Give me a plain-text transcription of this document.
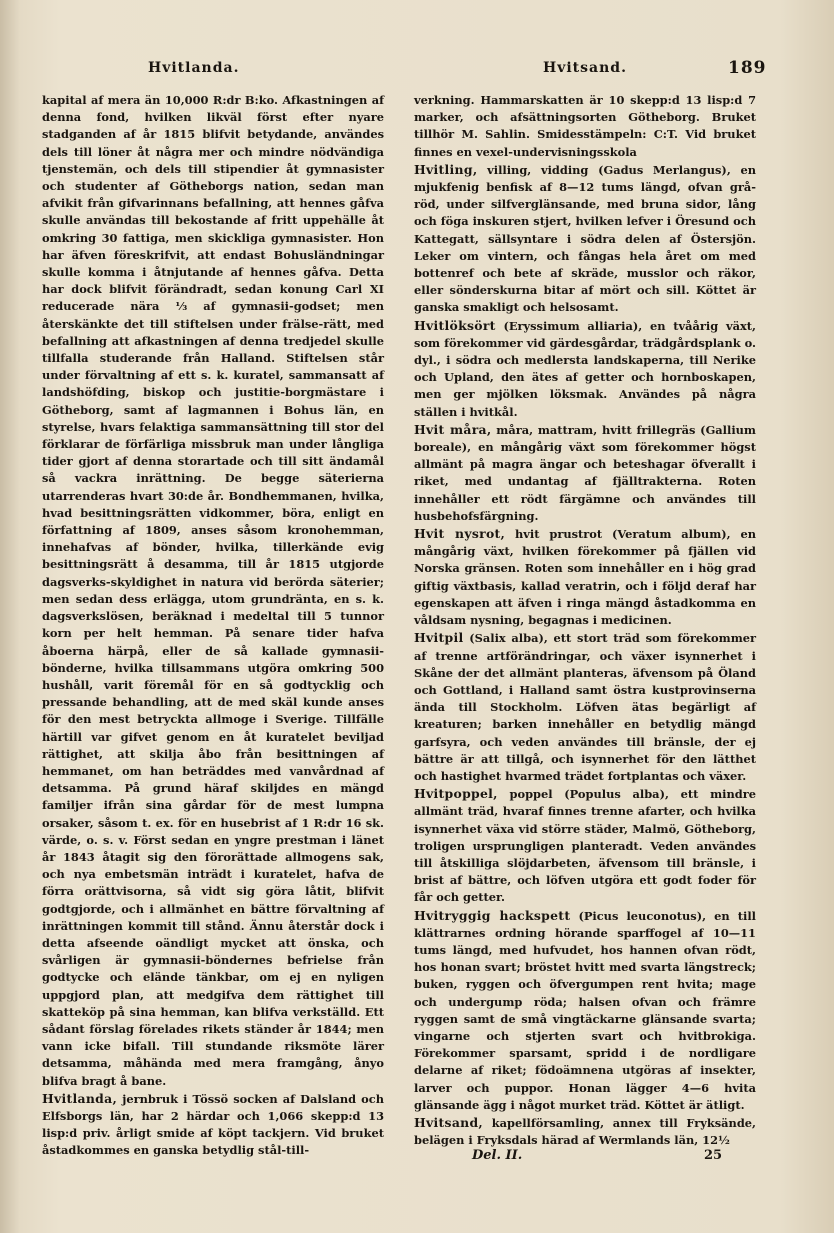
Hvitlanda.	Hvitsand.	189

kapital af mera än 10,000 R:dr B:ko. Afkastningen af denna fond, hvilken likväl först efter nyare stadganden af år 1815 blifvit betydande, användes dels till löner åt några mer och mindre nödvändiga tjenstemän, och dels till stipendier åt gymnasister och studenter af Götheborgs nation, sedan man afvikit från gifvarinnans befallning, att hennes gåfva skulle användas till bekostande af fritt uppehälle åt omkring 30 fattiga, men skickliga gymnasister. Hon har äfven föreskrifvit, att endast Bohusländningar skulle komma i åtnjutande af hennes gåfva. Detta har dock blifvit förändradt, sedan konung Carl XI reducerade nära ⅓ af gymnasii-godset; men återskänkte det till stiftelsen under frälse-rätt, med befallning att afkastningen af denna tredjedel skulle tillfalla studerande från Halland. Stiftelsen står under förvaltning af ett s. k. kuratel, sammansatt af landshöfding, biskop och justitie-borgmästare i Götheborg, samt af lagmannen i Bohus län, en styrelse, hvars felaktiga sammansättning till stor del förklarar de förfärliga missbruk man under långliga tider gjort af denna storartade och till sitt ändamål så vackra inrättning. De begge säterierna utarrenderas hvart 30:de år. Bondhemmanen, hvilka, hvad besittningsrätten vidkommer, böra, enligt en författning af 1809, anses såsom kronohemman, innehafvas af bönder, hvilka, tillerkände evig besittningsrätt å desamma, till år 1815 utgjorde dagsverks-skyldighet in natura vid berörda säterier; men sedan dess erlägga, utom grundränta, en s. k. dagsverkslösen, beräknad i medeltal till 5 tunnor korn per helt hemman. På senare tider hafva åboerna härpå, eller de så kallade gymnasii-bönderne, hvilka tillsammans utgöra omkring 500 hushåll, varit föremål för en så godtycklig och pressande behandling, att de med skäl kunde anses för den mest betryckta allmoge i Sverige. Tillfälle härtill var gifvet genom en åt kuratelet beviljad rättighet, att skilja åbo från besittningen af hemmanet, om han beträddes med vanvårdnad af detsamma. På grund häraf skiljdes en mängd familjer ifrån sina gårdar för de mest lumpna orsaker, såsom t. ex. för en husebrist af 1 R:dr 16 sk. värde, o. s. v. Först sedan en yngre prestman i länet år 1843 åtagit sig den förorättade allmogens sak, och nya embetsmän inträdt i kuratelet, hafva de förra orättvisorna, så vidt sig göra låtit, blifvit godtgjorde, och i allmänhet en bättre förvaltning af inrättningen kommit till stånd. Ännu återstår dock i detta afseende oändligt mycket att önska, och svårligen är gymnasii-böndernes befrielse från godtycke och elände tänkbar, om ej en nyligen uppgjord plan, att medgifva dem rättighet till skatteköp på sina hemman, kan blifva verkställd. Ett sådant förslag förelades rikets ständer år 1844; men vann icke bifall. Till stundande riksmöte lärer detsamma, måhända med mera framgång, ånyo blifva bragt å bane.

Hvitlanda, jernbruk i Tössö socken af Dalsland och Elfsborgs län, har 2 härdar och 1,066 skepp:d 13 lisp:d priv. årligt smide af köpt tackjern. Vid bruket åstadkommes en ganska betydlig stål-till-

verkning. Hammarskatten är 10 skepp:d 13 lisp:d 7 marker, och afsättningsorten Götheborg. Bruket tillhör M. Sahlin. Smidesstämpeln: C:T. Vid bruket finnes en vexel-undervisningsskola

Hvitling, villing, vidding (Gadus Merlangus), en mjukfenig benfisk af 8—12 tums längd, ofvan grå-röd, under silfverglänsande, med bruna sidor, lång och föga inskuren stjert, hvilken lefver i Öresund och Kattegatt, sällsyntare i södra delen af Östersjön. Leker om vintern, och fångas hela året om med bottenref och bete af skräde, musslor och räkor, eller sönderskurna bitar af mört och sill. Köttet är ganska smakligt och helsosamt.

Hvitlöksört (Eryssimum alliaria), en tvåårig växt, som förekommer vid gärdesgårdar, trädgårdsplank o. dyl., i södra och medlersta landskaperna, till Nerike och Upland, den ätes af getter och hornboskapen, men ger mjölken löksmak. Användes på några ställen i hvitkål.

Hvit måra, måra, mattram, hvitt frillegräs (Gallium boreale), en mångårig växt som förekommer högst allmänt på magra ängar och beteshagar öfverallt i riket, med undantag af fjälltrakterna. Roten innehåller ett rödt färgämne och användes till husbehofsfärgning.

Hvit nysrot, hvit prustrot (Veratum album), en mångårig växt, hvilken förekommer på fjällen vid Norska gränsen. Roten som innehåller en i hög grad giftig växtbasis, kallad veratrin, och i följd deraf har egenskapen att äfven i ringa mängd åstadkomma en våldsam nysning, begagnas i medicinen.

Hvitpil (Salix alba), ett stort träd som förekommer af trenne artförändringar, och växer isynnerhet i Skåne der det allmänt planteras, äfvensom på Öland och Gottland, i Halland samt östra kustprovinserna ända till Stockholm. Löfven ätas begärligt af kreaturen; barken innehåller en betydlig mängd garfsyra, och veden användes till bränsle, der ej bättre är att tillgå, och isynnerhet för den lätthet och hastighet hvarmed trädet fortplantas och växer.

Hvitpoppel, poppel (Populus alba), ett mindre allmänt träd, hvaraf finnes trenne afarter, och hvilka isynnerhet växa vid större städer, Malmö, Götheborg, troligen ursprungligen planteradt. Veden användes till åtskilliga slöjdarbeten, äfvensom till bränsle, i brist af bättre, och löfven utgöra ett godt foder för får och getter.

Hvitryggig hackspett (Picus leuconotus), en till klättrarnes ordning hörande sparffogel af 10—11 tums längd, med hufvudet, hos hannen ofvan rödt, hos honan svart; bröstet hvitt med svarta längstreck; buken, ryggen och öfvergumpen rent hvita; mage och undergump röda; halsen ofvan och främre ryggen samt de små vingtäckarne glänsande svarta; vingarne och stjerten svart och hvitbrokiga. Förekommer sparsamt, spridd i de nordligare delarne af riket; födoämnena utgöras af insekter, larver och puppor. Honan lägger 4—6 hvita glänsande ägg i något murket träd. Köttet är ätligt.

Hvitsand, kapellförsamling, annex till Fryksände, belägen i Fryksdals härad af Wermlands län, 12½

Del. II.	25
